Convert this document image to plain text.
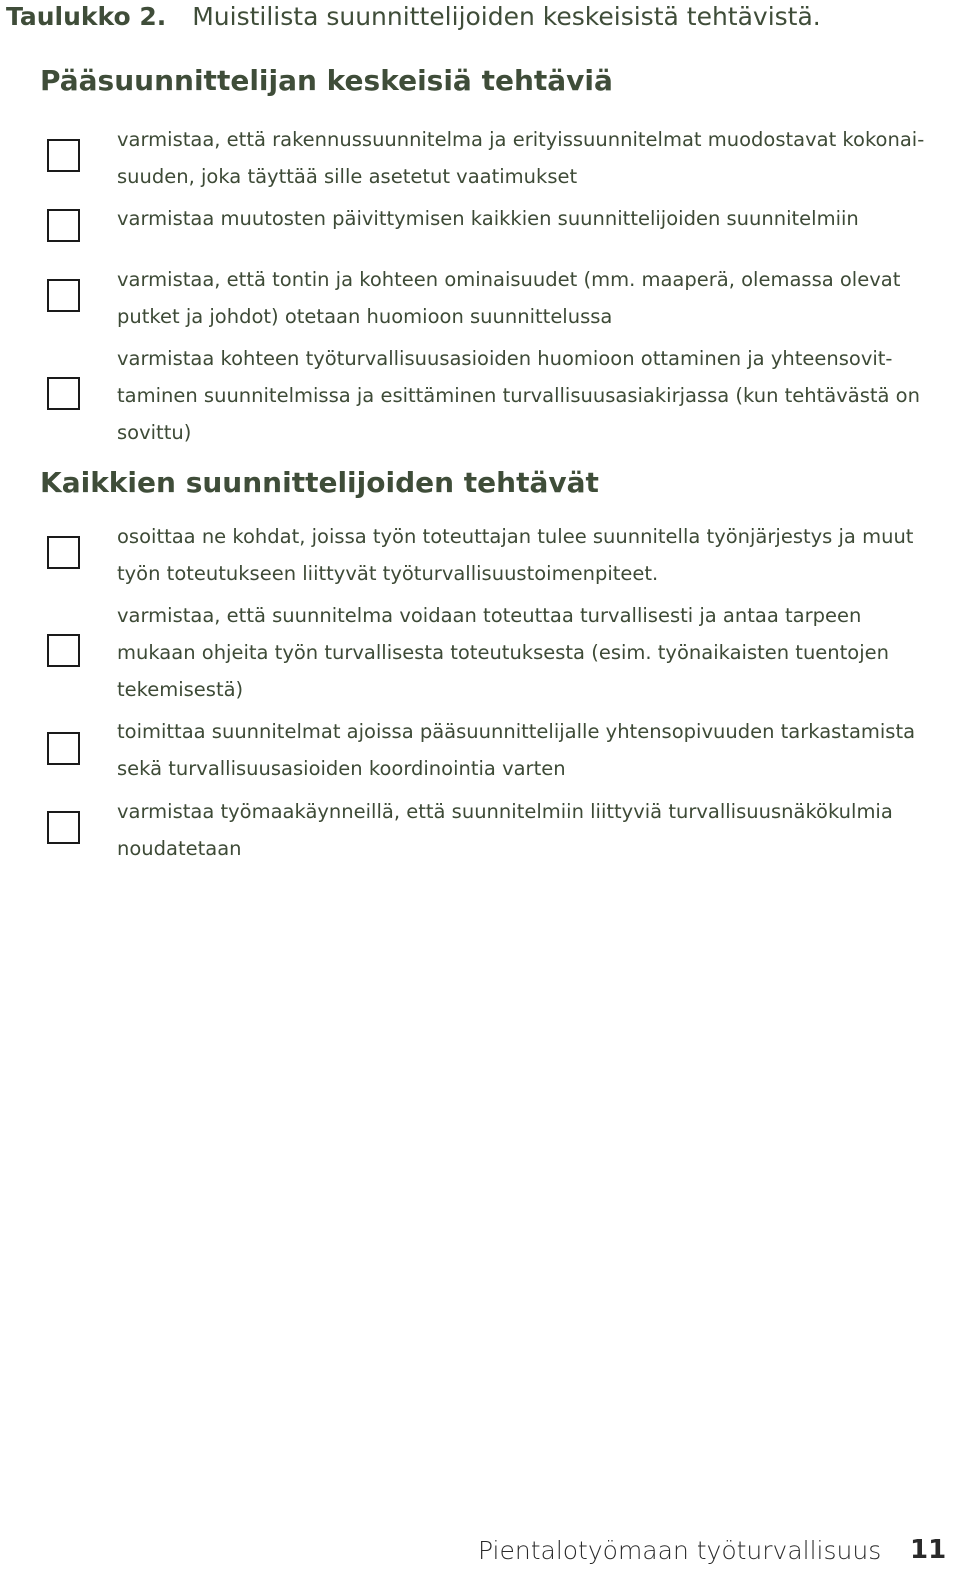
Taulukko 2. Muistilista suunnittelijoiden keskeisistä tehtävistä.
Pääsuunnittelijan keskeisiä tehtäviä
varmistaa, että rakennussuunnitelma ja erityissuunnitelmat muodostavat kokonai-
suuden, joka täyttää sille asetetut vaatimukset
varmistaa muutosten päivittymisen kaikkien suunnittelijoiden suunnitelmiin
varmistaa, että tontin ja kohteen ominaisuudet (mm. maaperä, olemassa olevat
putket ja johdot) otetaan huomioon suunnittelussa
varmistaa kohteen työturvallisuusasioiden huomioon ottaminen ja yhteensovit-
taminen suunnitelmissa ja esittäminen turvallisuusasiakirjassa (kun tehtävästä on
sovittu)
Kaikkien suunnittelijoiden tehtävät
osoittaa ne kohdat, joissa työn toteuttajan tulee suunnitella työnjärjestys ja muut
työn toteutukseen liittyvät työturvallisuustoimenpiteet.
varmistaa, että suunnitelma voidaan toteuttaa turvallisesti ja antaa tarpeen
mukaan ohjeita työn turvallisesta toteutuksesta (esim. työnaikaisten tuentojen
tekemisestä)
toimittaa suunnitelmat ajoissa pääsuunnittelijalle yhtensopivuuden tarkastamista
sekä turvallisuusasioiden koordinointia varten
varmistaa työmaakäynneillä, että suunnitelmiin liittyviä turvallisuusnäkökulmia
noudatetaan
Pientalotyömaan työturvallisuus 11
